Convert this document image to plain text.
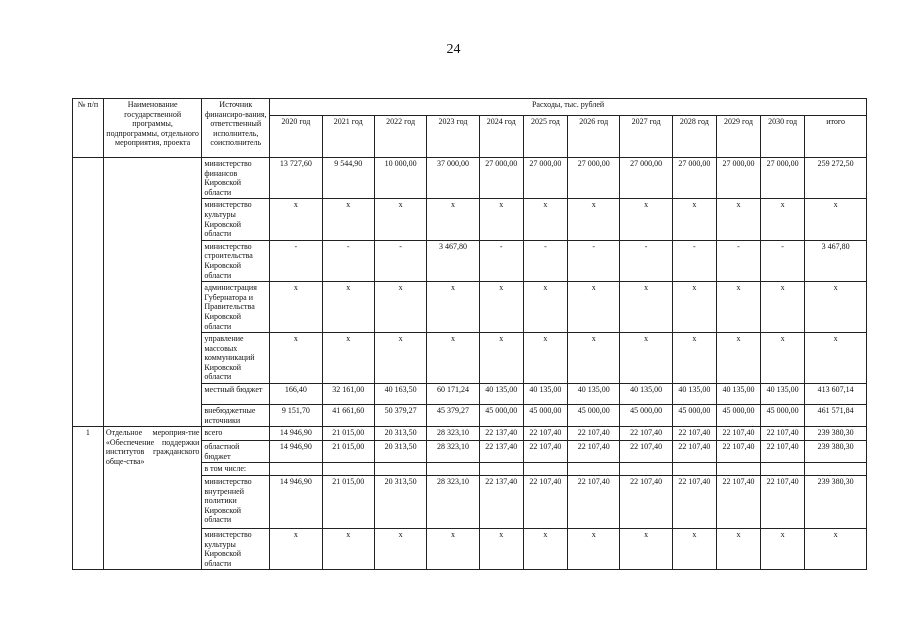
24
№ п/п	Наименование государственной программы, подпрограммы, отдельного мероприятия, проекта	Источник финансиро-вания, ответственный исполнитель, соисполнитель	Расходы, тыс. рублей											
			2020 год	2021 год	2022 год	2023 год	2024 год	2025 год	2026 год	2027 год	2028 год	2029 год	2030 год	итого
		министерство финансов Кировской области	13 727,60	9 544,90	10 000,00	37 000,00	27 000,00	27 000,00	27 000,00	27 000,00	27 000,00	27 000,00	27 000,00	259 272,50
		министерство культуры Кировской области	х	х	х	х	х	х	х	х	х	х	х	х
		министерство строительства Кировской области	-	-	-	3 467,80	-	-	-	-	-	-	-	3 467,80
		администрация Губернатора и Правительства Кировской области	х	х	х	х	х	х	х	х	х	х	х	х
		управление массовых коммуникаций Кировской области	х	х	х	х	х	х	х	х	х	х	х	х
		местный бюджет	166,40	32 161,00	40 163,50	60 171,24	40 135,00	40 135,00	40 135,00	40 135,00	40 135,00	40 135,00	40 135,00	413 607,14
		внебюджетные источники	9 151,70	41 661,60	50 379,27	45 379,27	45 000,00	45 000,00	45 000,00	45 000,00	45 000,00	45 000,00	45 000,00	461 571,84
1	Отдельное мероприя-тие «Обеспечение поддержки институтов гражданского обще-ства»	всего	14 946,90	21 015,00	20 313,50	28 323,10	22 137,40	22 107,40	22 107,40	22 107,40	22 107,40	22 107,40	22 107,40	239 380,30
		областной бюджет	14 946,90	21 015,00	20 313,50	28 323,10	22 137,40	22 107,40	22 107,40	22 107,40	22 107,40	22 107,40	22 107,40	239 380,30
		в том числе:												
		министерство внутренней политики Кировской области	14 946,90	21 015,00	20 313,50	28 323,10	22 137,40	22 107,40	22 107,40	22 107,40	22 107,40	22 107,40	22 107,40	239 380,30
		министерство культуры Кировской области	х	х	х	х	х	х	х	х	х	х	х	х
